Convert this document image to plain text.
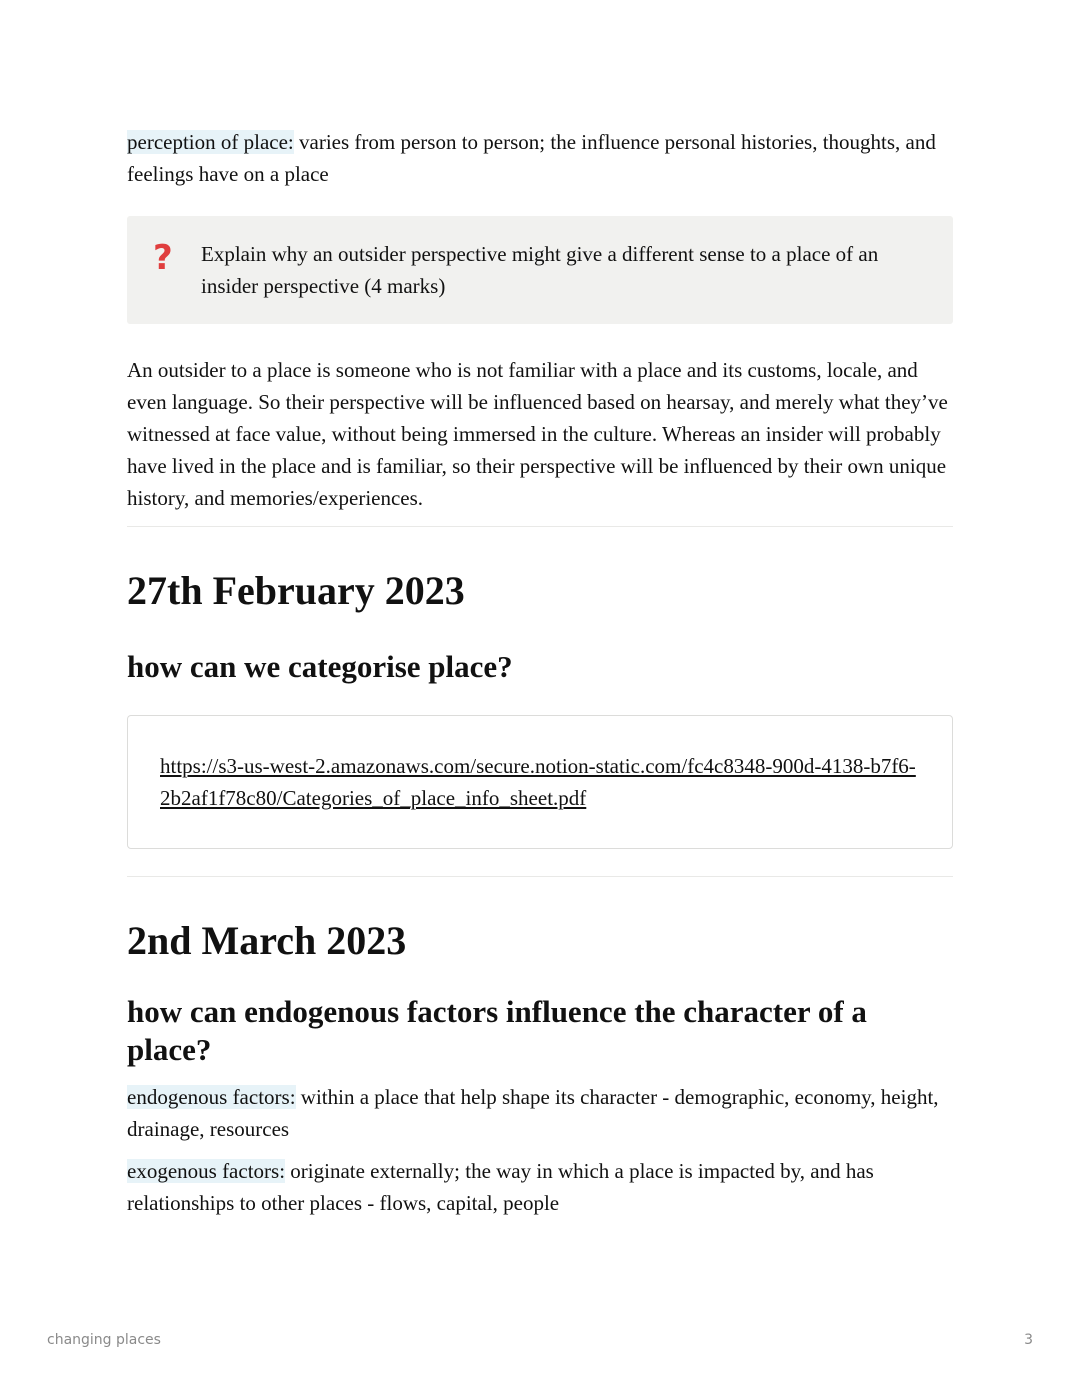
perception of place: varies from person to person; the influence personal histories, thoughts, and feelings have on a place

?	Explain why an outsider perspective might give a different sense to a place of an insider perspective (4 marks)

An outsider to a place is someone who is not familiar with a place and its customs, locale, and even language. So their perspective will be influenced based on hearsay, and merely what they’ve witnessed at face value, without being immersed in the culture. Whereas an insider will probably have lived in the place and is familiar, so their perspective will be influenced by their own unique history, and memories/experiences.

27th February 2023
how can we categorise place?
https://s3-us-west-2.amazonaws.com/secure.notion-static.com/fc4c8348-900d-4138-b7f6-2b2af1f78c80/Categories_of_place_info_sheet.pdf
2nd March 2023
how can endogenous factors influence the character of a place?

endogenous factors: within a place that help shape its character - demographic, economy, height, drainage, resources

exogenous factors: originate externally; the way in which a place is impacted by, and has relationships to other places - flows, capital, people

changing places	3
